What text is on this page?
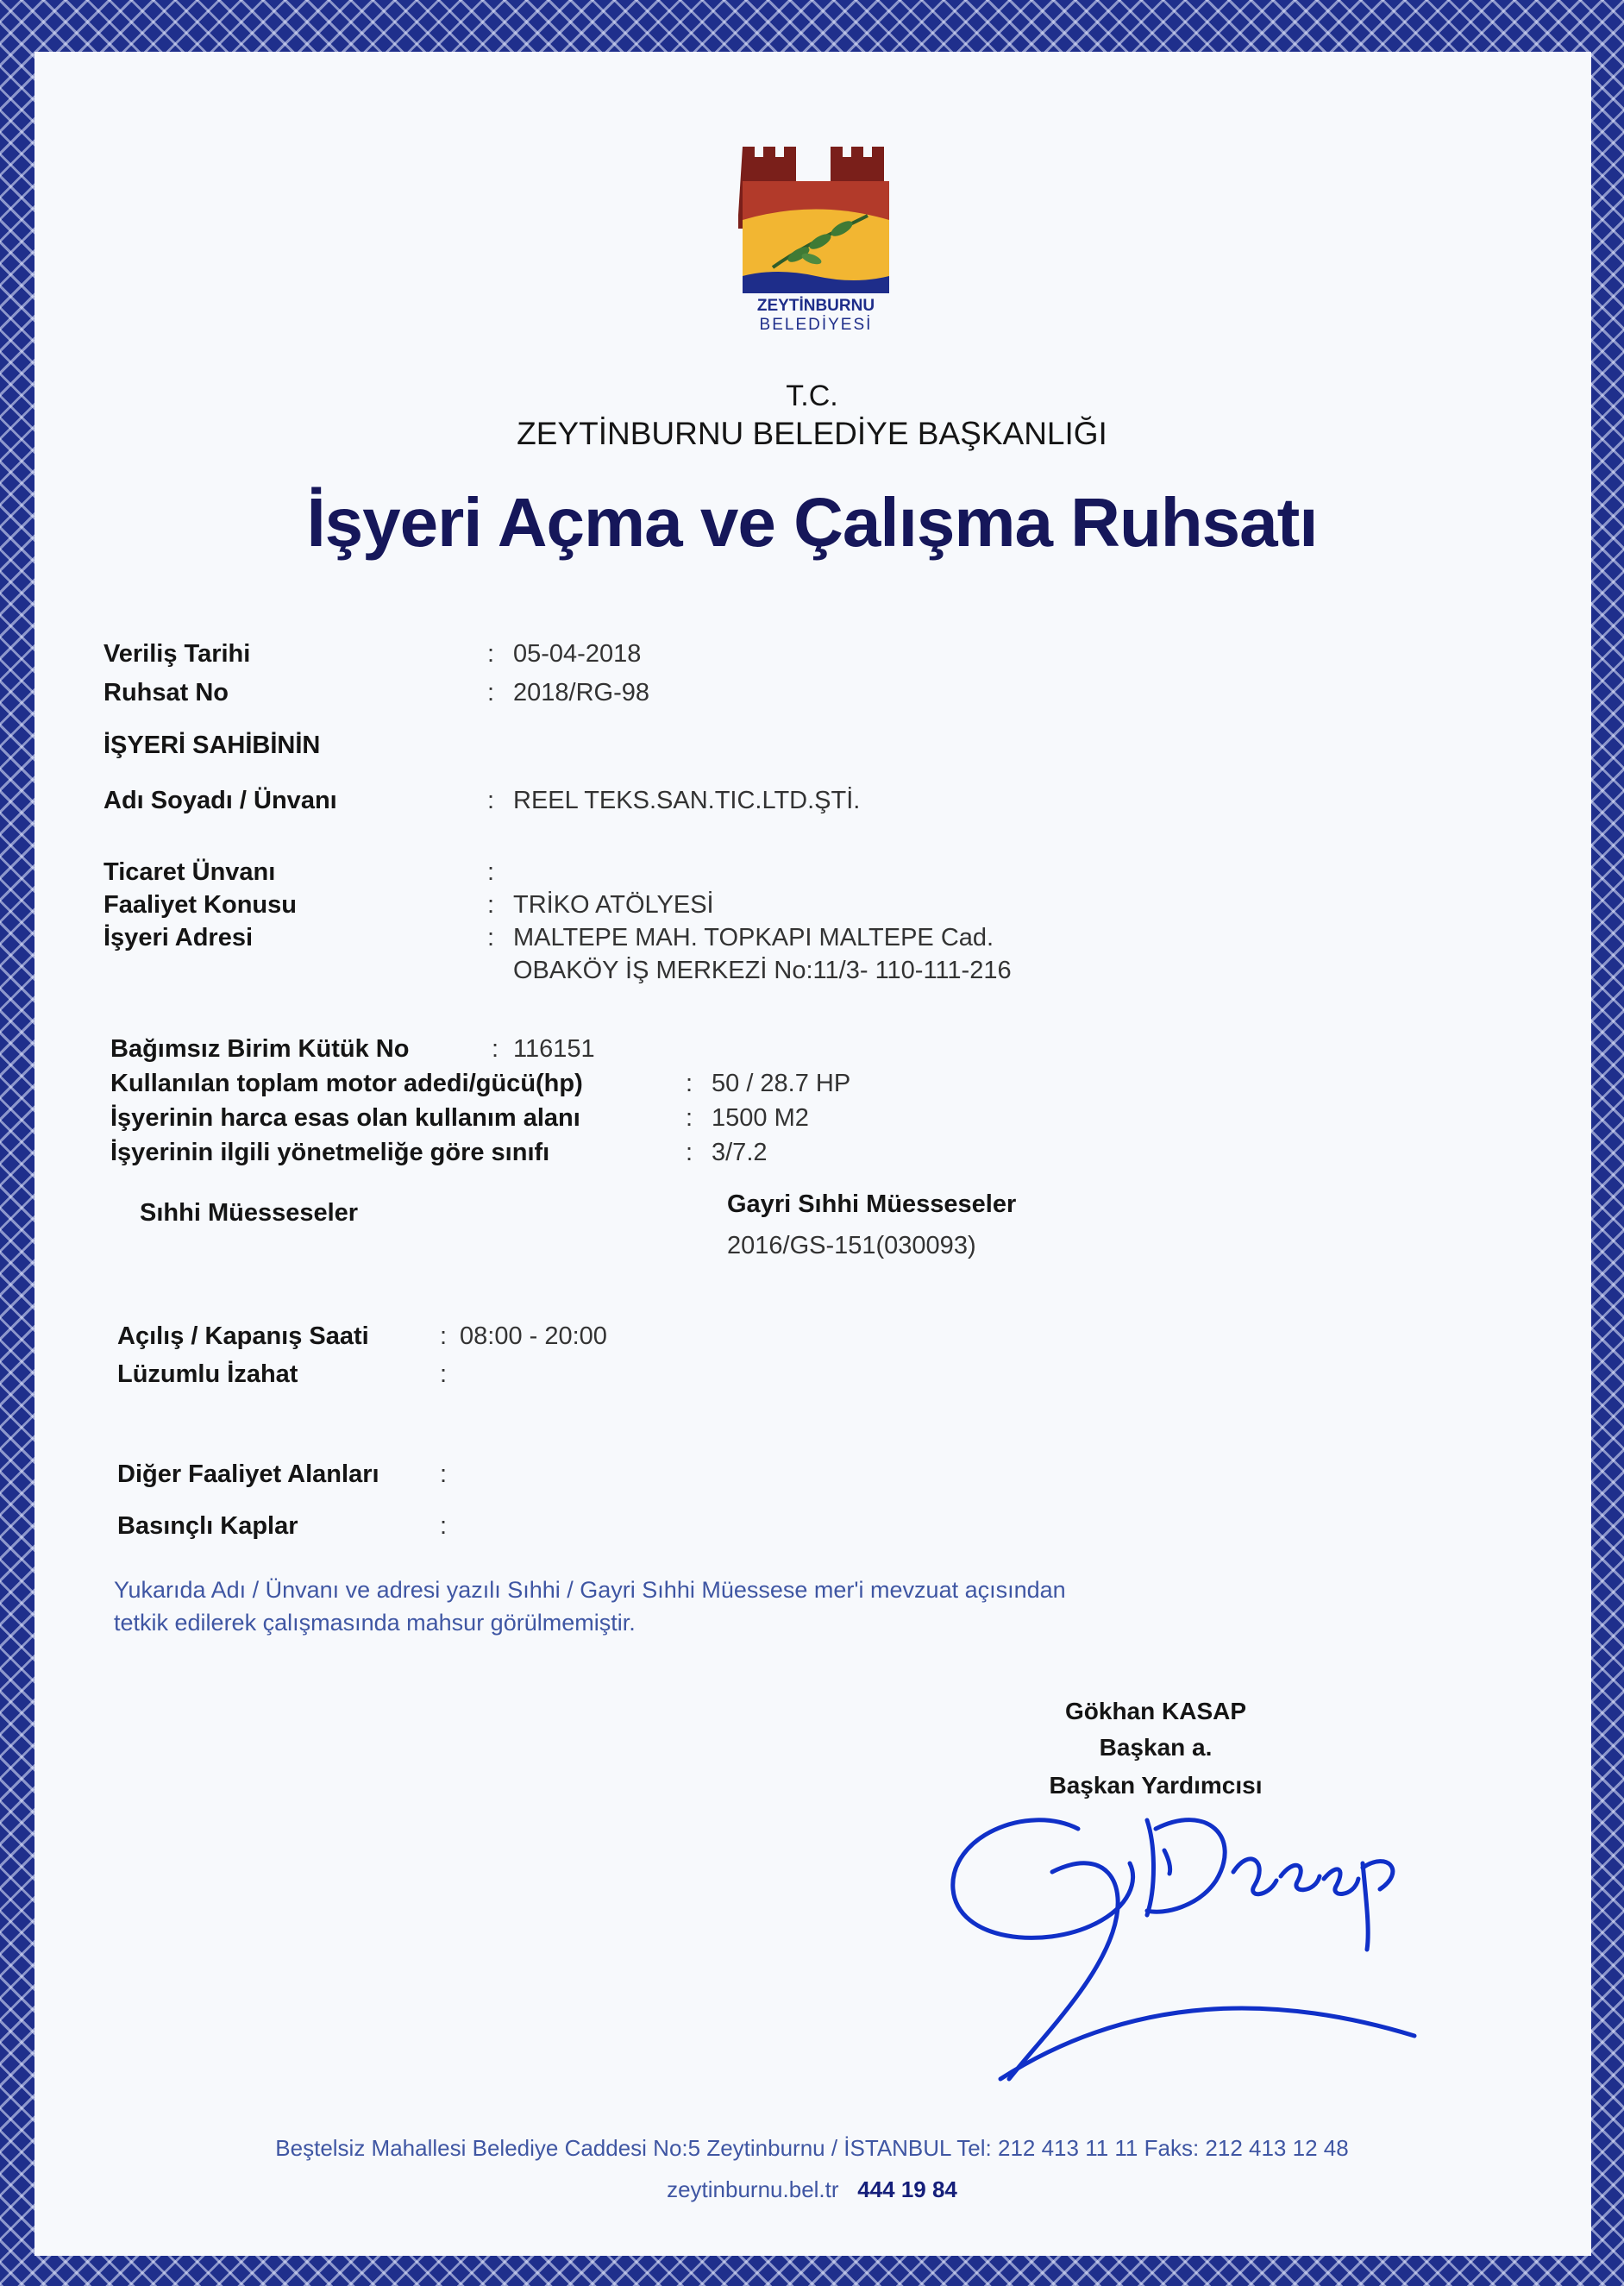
ZEYTİNBURNU
BELEDİYESİ
T.C.
ZEYTİNBURNU BELEDİYE BAŞKANLIĞI
İşyeri Açma ve Çalışma Ruhsatı
Veriliş Tarihi	: 05-04-2018
Ruhsat No	: 2018/RG-98
İŞYERİ SAHİBİNİN
Adı Soyadı / Ünvanı	: REEL TEKS.SAN.TIC.LTD.ŞTİ.
Ticaret Ünvanı	:
Faaliyet Konusu	: TRİKO ATÖLYESİ
İşyeri Adresi	: MALTEPE MAH. TOPKAPI MALTEPE Cad.
OBAKÖY İŞ MERKEZİ No:11/3- 110-111-216
Bağımsız Birim Kütük No	: 116151
Kullanılan toplam motor adedi/gücü(hp)	: 50 / 28.7 HP
İşyerinin harca esas olan kullanım alanı	: 1500 M2
İşyerinin ilgili yönetmeliğe göre sınıfı	: 3/7.2
Sıhhi Müesseseler	Gayri Sıhhi Müesseseler
2016/GS-151(030093)
Açılış / Kapanış Saati	: 08:00 - 20:00
Lüzumlu İzahat	:
Diğer Faaliyet Alanları :
Basınçlı Kaplar	:
Yukarıda Adı / Ünvanı ve adresi yazılı Sıhhi / Gayri Sıhhi Müessese mer'i mevzuat açısından
tetkik edilerek çalışmasında mahsur görülmemiştir.
Gökhan KASAP
Başkan a.
Başkan Yardımcısı
Beştelsiz Mahallesi Belediye Caddesi No:5 Zeytinburnu / İSTANBUL Tel: 212 413 11 11 Faks: 212 413 12 48
zeytinburnu.bel.tr 444 19 84
